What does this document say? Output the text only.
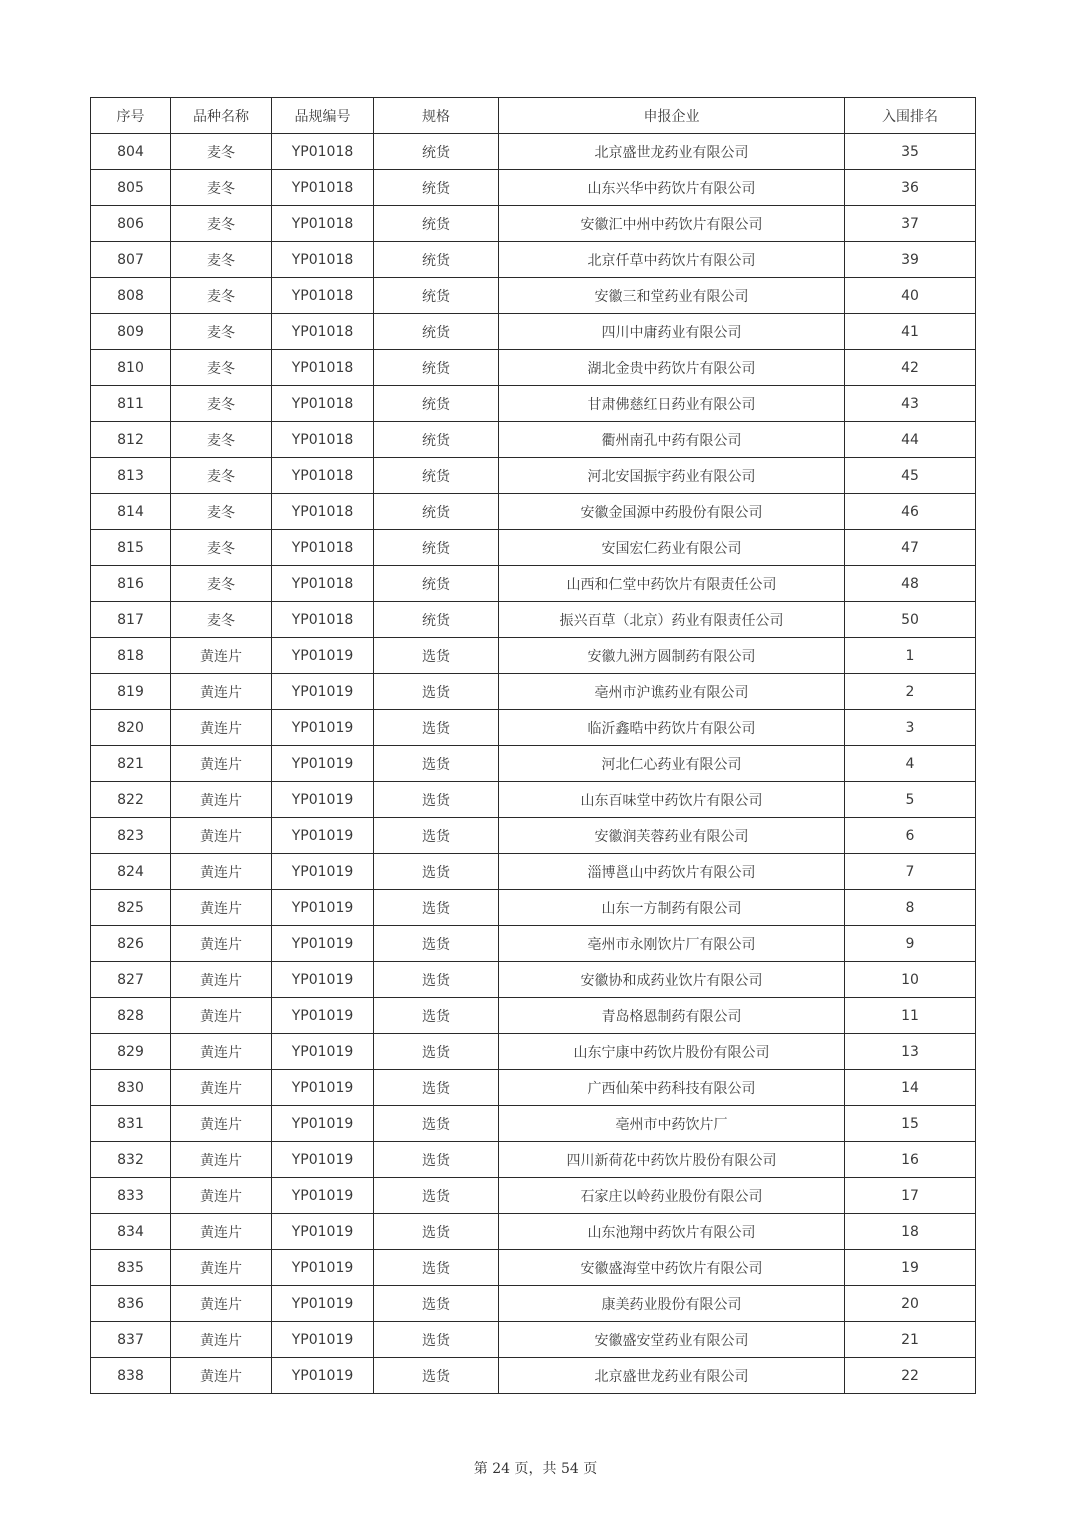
序号	品种名称	品规编号	规格	申报企业	入围排名
804	麦冬	YP01018	统货	北京盛世龙药业有限公司	35
805	麦冬	YP01018	统货	山东兴华中药饮片有限公司	36
806	麦冬	YP01018	统货	安徽汇中州中药饮片有限公司	37
807	麦冬	YP01018	统货	北京仟草中药饮片有限公司	39
808	麦冬	YP01018	统货	安徽三和堂药业有限公司	40
809	麦冬	YP01018	统货	四川中庸药业有限公司	41
810	麦冬	YP01018	统货	湖北金贵中药饮片有限公司	42
811	麦冬	YP01018	统货	甘肃佛慈红日药业有限公司	43
812	麦冬	YP01018	统货	衢州南孔中药有限公司	44
813	麦冬	YP01018	统货	河北安国振宇药业有限公司	45
814	麦冬	YP01018	统货	安徽金国源中药股份有限公司	46
815	麦冬	YP01018	统货	安国宏仁药业有限公司	47
816	麦冬	YP01018	统货	山西和仁堂中药饮片有限责任公司	48
817	麦冬	YP01018	统货	振兴百草（北京）药业有限责任公司	50
818	黄连片	YP01019	选货	安徽九洲方圆制药有限公司	1
819	黄连片	YP01019	选货	亳州市沪谯药业有限公司	2
820	黄连片	YP01019	选货	临沂鑫晧中药饮片有限公司	3
821	黄连片	YP01019	选货	河北仁心药业有限公司	4
822	黄连片	YP01019	选货	山东百味堂中药饮片有限公司	5
823	黄连片	YP01019	选货	安徽润芙蓉药业有限公司	6
824	黄连片	YP01019	选货	淄博邕山中药饮片有限公司	7
825	黄连片	YP01019	选货	山东一方制药有限公司	8
826	黄连片	YP01019	选货	亳州市永刚饮片厂有限公司	9
827	黄连片	YP01019	选货	安徽协和成药业饮片有限公司	10
828	黄连片	YP01019	选货	青岛格恩制药有限公司	11
829	黄连片	YP01019	选货	山东宁康中药饮片股份有限公司	13
830	黄连片	YP01019	选货	广西仙茱中药科技有限公司	14
831	黄连片	YP01019	选货	亳州市中药饮片厂	15
832	黄连片	YP01019	选货	四川新荷花中药饮片股份有限公司	16
833	黄连片	YP01019	选货	石家庄以岭药业股份有限公司	17
834	黄连片	YP01019	选货	山东池翔中药饮片有限公司	18
835	黄连片	YP01019	选货	安徽盛海堂中药饮片有限公司	19
836	黄连片	YP01019	选货	康美药业股份有限公司	20
837	黄连片	YP01019	选货	安徽盛安堂药业有限公司	21
838	黄连片	YP01019	选货	北京盛世龙药业有限公司	22
第 24 页，共 54 页
